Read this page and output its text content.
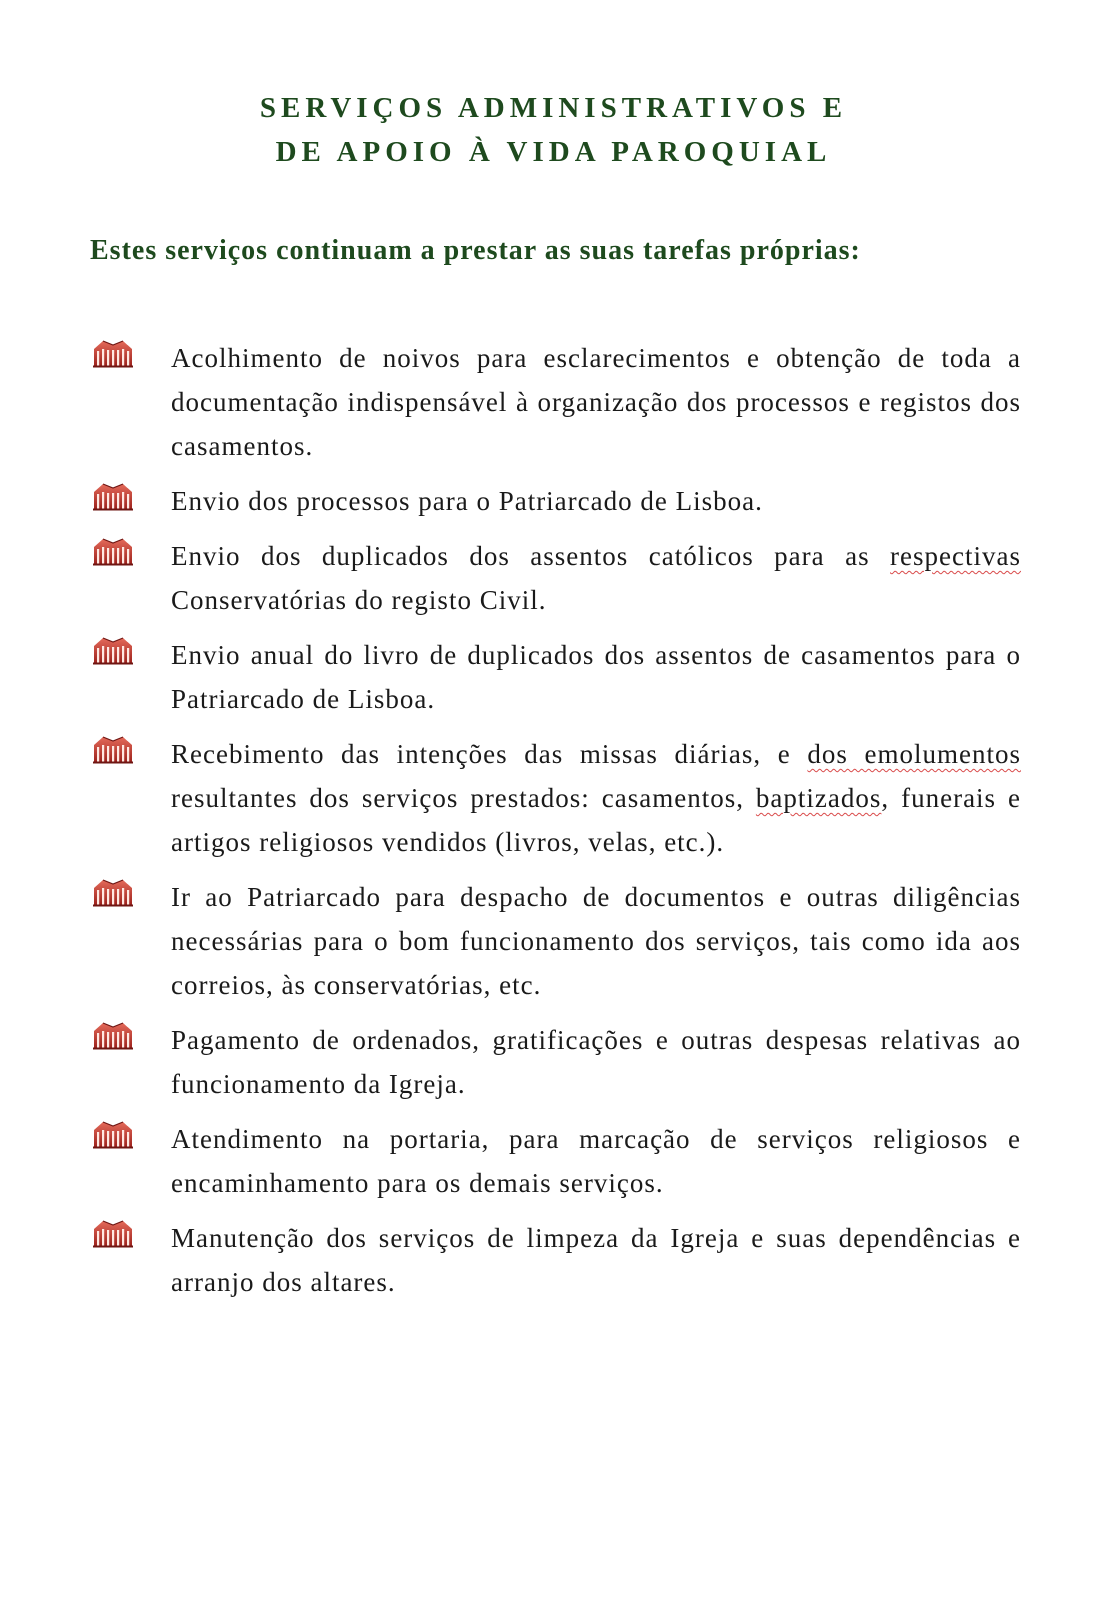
SERVIÇOS ADMINISTRATIVOS E
DE APOIO À VIDA PAROQUIAL

Estes serviços continuam a prestar as suas tarefas próprias:

Acolhimento de noivos para esclarecimentos e obtenção de toda a documentação indispensável à organização dos processos e registos dos casamentos.
Envio dos processos para o Patriarcado de Lisboa.
Envio dos duplicados dos assentos católicos para as respectivas Conservatórias do registo Civil.
Envio anual do livro de duplicados dos assentos de casamentos para o Patriarcado de Lisboa.
Recebimento das intenções das missas diárias, e dos emolumentos resultantes dos serviços prestados: casamentos, baptizados, funerais e artigos religiosos vendidos (livros, velas, etc.).
Ir ao Patriarcado para despacho de documentos e outras diligências necessárias para o bom funcionamento dos serviços, tais como ida aos correios, às conservatórias, etc.
Pagamento de ordenados, gratificações e outras despesas relativas ao funcionamento da Igreja.
Atendimento na portaria, para marcação de serviços religiosos e encaminhamento para os demais serviços.
Manutenção dos serviços de limpeza da Igreja e suas dependências e arranjo dos altares.
